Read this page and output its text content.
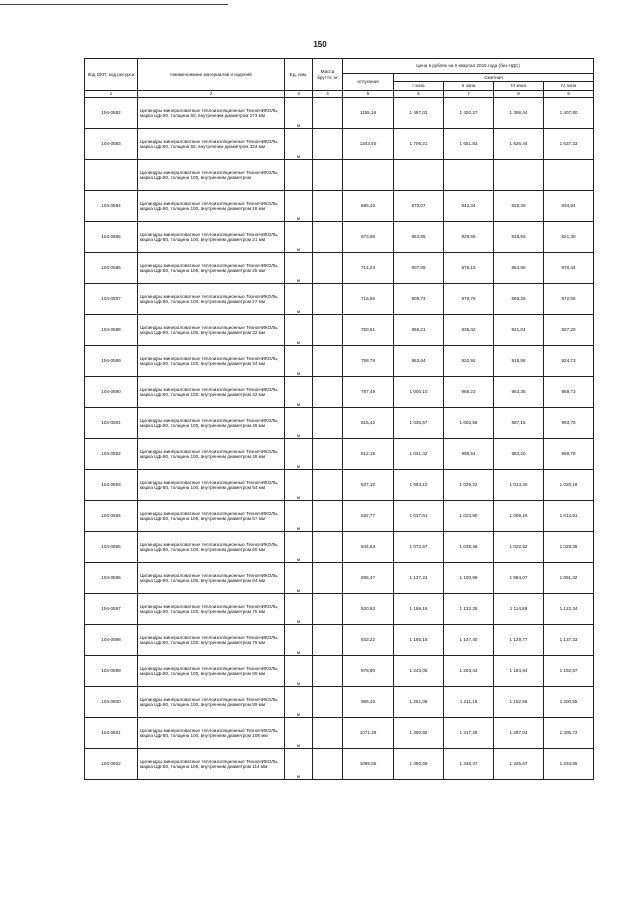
150
Код ОКП, код ресурса	Наименование материалов и изделий	Ед. изм.	Масса брутто, кг	Цена в рублях на II квартал 2015 года (без НДС)				
				отпускная	Сметная			
					I зона	II зона	III зона	IV зона
1	2	3	4	5	6	7	8	9
104-0582	Цилиндры минераловатные теплоизоляционные ТехноНИКОЛЬ, марка Цф-80, толщина 50, внутренним диаметром 273 мм	м		1155,16	1 467,03	1 420,27	1 398,44	1 407,80
104-0583	Цилиндры минераловатные теплоизоляционные ТехноНИКОЛЬ, марка Цф-80, толщина 50, внутренним диаметром 324 мм	м		1343,40	1 706,21	1 651,83	1 626,44	1 637,33
	Цилиндры минераловатные теплоизоляционные ТехноНИКОЛЬ, марка Цф-80, толщина 100, внутренним диаметром							
104-0584	Цилиндры минераловатные теплоизоляционные ТехноНИКОЛЬ, марка Цф-80, толщина 100, внутренним диаметром 18 мм	м		685,10	870,07	842,34	829,39	834,94
104-0585	Цилиндры минераловатные теплоизоляционные ТехноНИКОЛЬ, марка Цф-80, толщина 100, внутренним диаметром 21 мм	м		673,68	853,95	828,66	815,93	821,39
104-0586	Цилиндры минераловатные теплоизоляционные ТехноНИКОЛЬ, марка Цф-80, толщина 100, внутренним диаметром 25 мм	м		714,23	907,09	878,15	864,65	870,44
104-0587	Цилиндры минераловатные теплоизоляционные ТехноНИКОЛЬ, марка Цф-80, толщина 100, внутренним диаметром 27 мм	м		715,56	908,74	879,78	866,26	872,06
104-0588	Цилиндры минераловатные теплоизоляционные ТехноНИКОЛЬ, марка Цф-80, толщина 100, внутренним диаметром 32 мм	м		760,81	966,21	935,42	921,04	927,20
104-0589	Цилиндры минераловатные теплоизоляционные ТехноНИКОЛЬ, марка Цф-80, толщина 100, внутренним диаметром 34 мм	м		758,79	963,64	932,92	918,58	924,73
104-0590	Цилиндры минераловатные теплоизоляционные ТехноНИКОЛЬ, марка Цф-80, толщина 100, внутренним диаметром 42 мм	м		787,49	1 000,10	968,23	953,35	959,73
104-0591	Цилиндры минераловатные теплоизоляционные ТехноНИКОЛЬ, марка Цф-80, толщина 100, внутренним диаметром 45 мм	м		815,42	1 035,57	1 002,56	987,15	993,76
104-0592	Цилиндры минераловатные теплоизоляционные ТехноНИКОЛЬ, марка Цф-80, толщина 100, внутренним диаметром 48 мм	м		812,15	1 031,42	998,54	983,20	989,78
104-0593	Цилиндры минераловатные теплоизоляционные ТехноНИКОЛЬ, марка Цф-80, толщина 100, внутренним диаметром 54 мм	м		837,10	1 063,10	1 029,22	1 013,40	1 020,18
104-0594	Цилиндры минераловатные теплоизоляционные ТехноНИКОЛЬ, марка Цф-80, толщина 100, внутренним диаметром 57 мм	м		832,77	1 037,61	1 023,90	1 008,16	1 014,91
104-0595	Цилиндры минераловатные теплоизоляционные ТехноНИКОЛЬ, марка Цф-80, толщина 100, внутренним диаметром 60 мм	м		844,63	1 072,67	1 038,48	1 022,52	1 029,36
104-0596	Цилиндры минераловатные теплоизоляционные ТехноНИКОЛЬ, марка Цф-80, толщина 100, внутренним диаметром 64 мм	м		895,47	1 137,24	1 100,99	1 084,07	1 091,32
104-0597	Цилиндры минераловатные теплоизоляционные ТехноНИКОЛЬ, марка Цф-80, толщина 100, внутренним диаметром 70 мм	м		920,62	1 169,16	1 132,28	1 114,89	1 122,34
104-0598	Цилиндры минераловатные теплоизоляционные ТехноНИКОЛЬ, марка Цф-80, толщина 100, внутренним диаметром 76 мм	м		933,22	1 185,18	1 147,40	1 129,77	1 137,33
104-0599	Цилиндры минераловатные теплоизоляционные ТехноНИКОЛЬ, марка Цф-80, толщина 100, внутренним диаметром 80 мм	м		978,80	1 243,06	1 203,44	1 184,94	1 192,87
104-0600	Цилиндры минераловатные теплоизоляционные ТехноНИКОЛЬ, марка Цф-80, толщина 100, внутренним диаметром 89 мм	м		985,10	1 251,08	1 211,18	1 192,56	1 200,55
104-0601	Цилиндры минераловатные теплоизоляционные ТехноНИКОЛЬ, марка Цф-80, толщина 100, внутренним диаметром 108 мм	м		1071,39	1 360,65	1 317,28	1 297,04	1 305,72
104-0602	Цилиндры минераловатные теплоизоляционные ТехноНИКОЛЬ, марка Цф-80, толщина 100, внутренним диаметром 114 мм	м		1095,05	1 390,69	1 346,37	1 325,67	1 334,55
